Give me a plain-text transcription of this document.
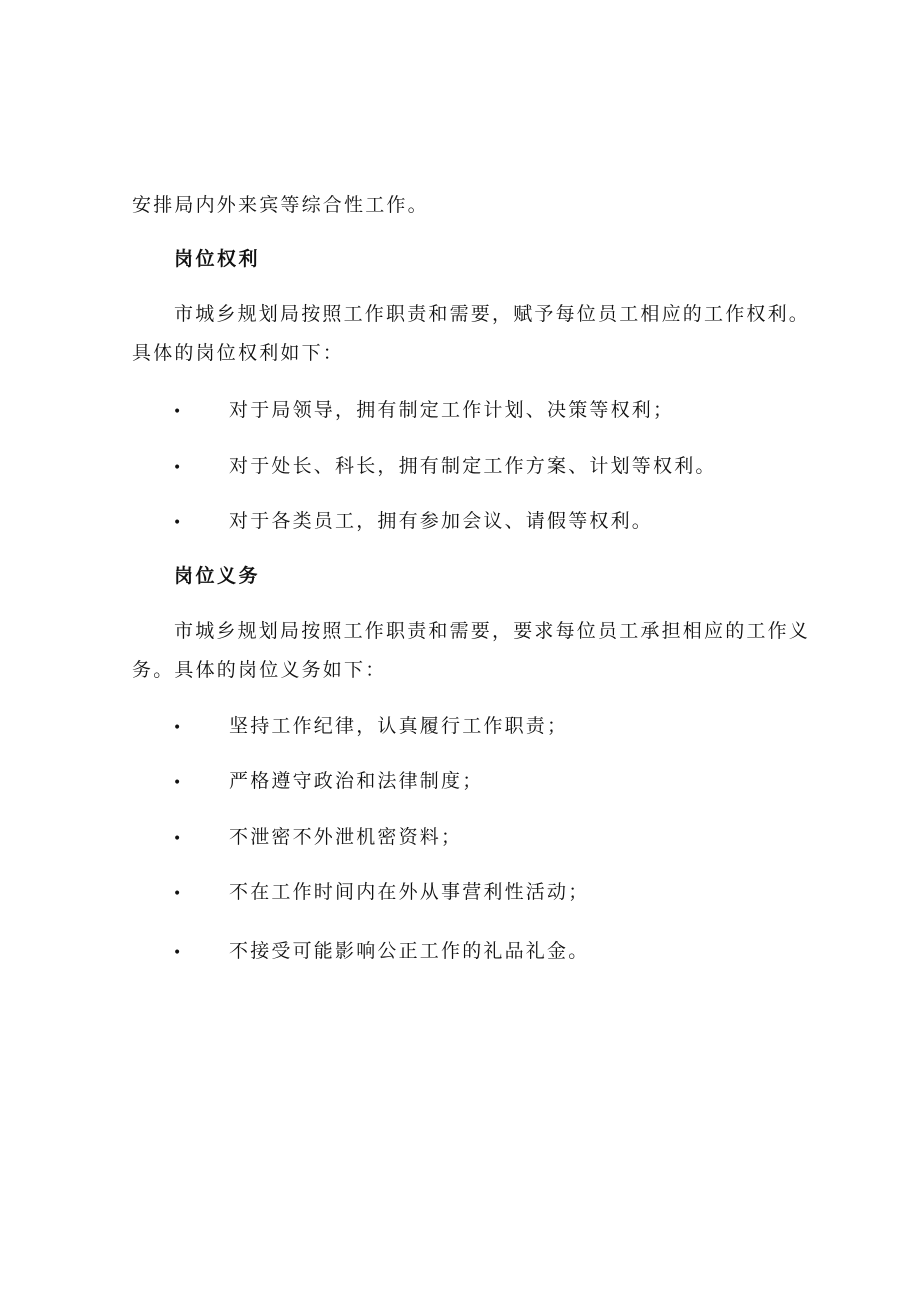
安排局内外来宾等综合性工作。
岗位权利
市城乡规划局按照工作职责和需要，赋予每位员工相应的工作权利。
具体的岗位权利如下：
•	对于局领导，拥有制定工作计划、决策等权利；
•	对于处长、科长，拥有制定工作方案、计划等权利。
•	对于各类员工，拥有参加会议、请假等权利。
岗位义务
市城乡规划局按照工作职责和需要，要求每位员工承担相应的工作义
务。具体的岗位义务如下：
•	坚持工作纪律，认真履行工作职责；
•	严格遵守政治和法律制度；
•	不泄密不外泄机密资料；
•	不在工作时间内在外从事营利性活动；
•	不接受可能影响公正工作的礼品礼金。
